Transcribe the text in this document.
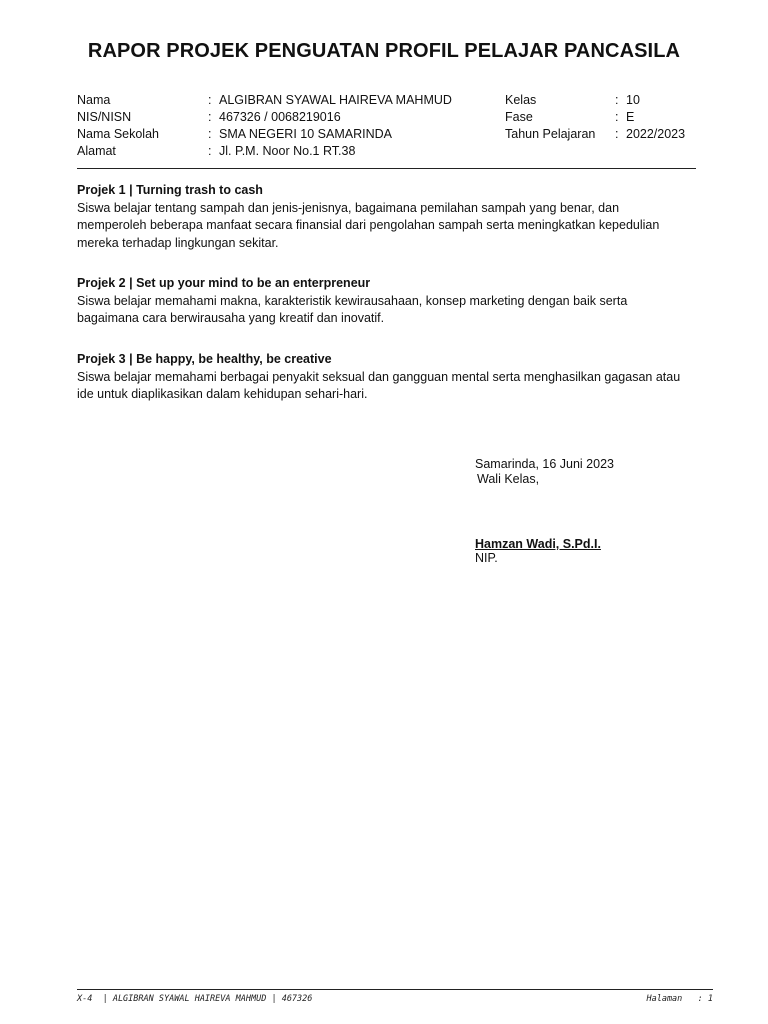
RAPOR PROJEK PENGUATAN PROFIL PELAJAR PANCASILA
Nama	: ALGIBRAN SYAWAL HAIREVA MAHMUD	Kelas	: 10
NIS/NISN	: 467326 / 0068219016	Fase	: E
Nama Sekolah	: SMA NEGERI 10 SAMARINDA	Tahun Pelajaran : 2022/2023
Alamat	: Jl. P.M. Noor No.1 RT.38

Projek 1 | Turning trash to cash

Siswa belajar tentang sampah dan jenis-jenisnya, bagaimana pemilahan sampah yang benar, dan memperoleh beberapa manfaat secara finansial dari pengolahan sampah serta meningkatkan kepedulian mereka terhadap lingkungan sekitar.

Projek 2 | Set up your mind to be an enterpreneur

Siswa belajar memahami makna, karakteristik kewirausahaan, konsep marketing dengan baik serta bagaimana cara berwirausaha yang kreatif dan inovatif.

Projek 3 | Be happy, be healthy, be creative

Siswa belajar memahami berbagai penyakit seksual dan gangguan mental serta menghasilkan gagasan atau ide untuk diaplikasikan dalam kehidupan sehari-hari.

Samarinda, 16 Juni 2023
Wali Kelas,
Hamzan Wadi, S.Pd.I.
NIP.
X-4  | ALGIBRAN SYAWAL HAIREVA MAHMUD | 467326	Halaman   : 1
